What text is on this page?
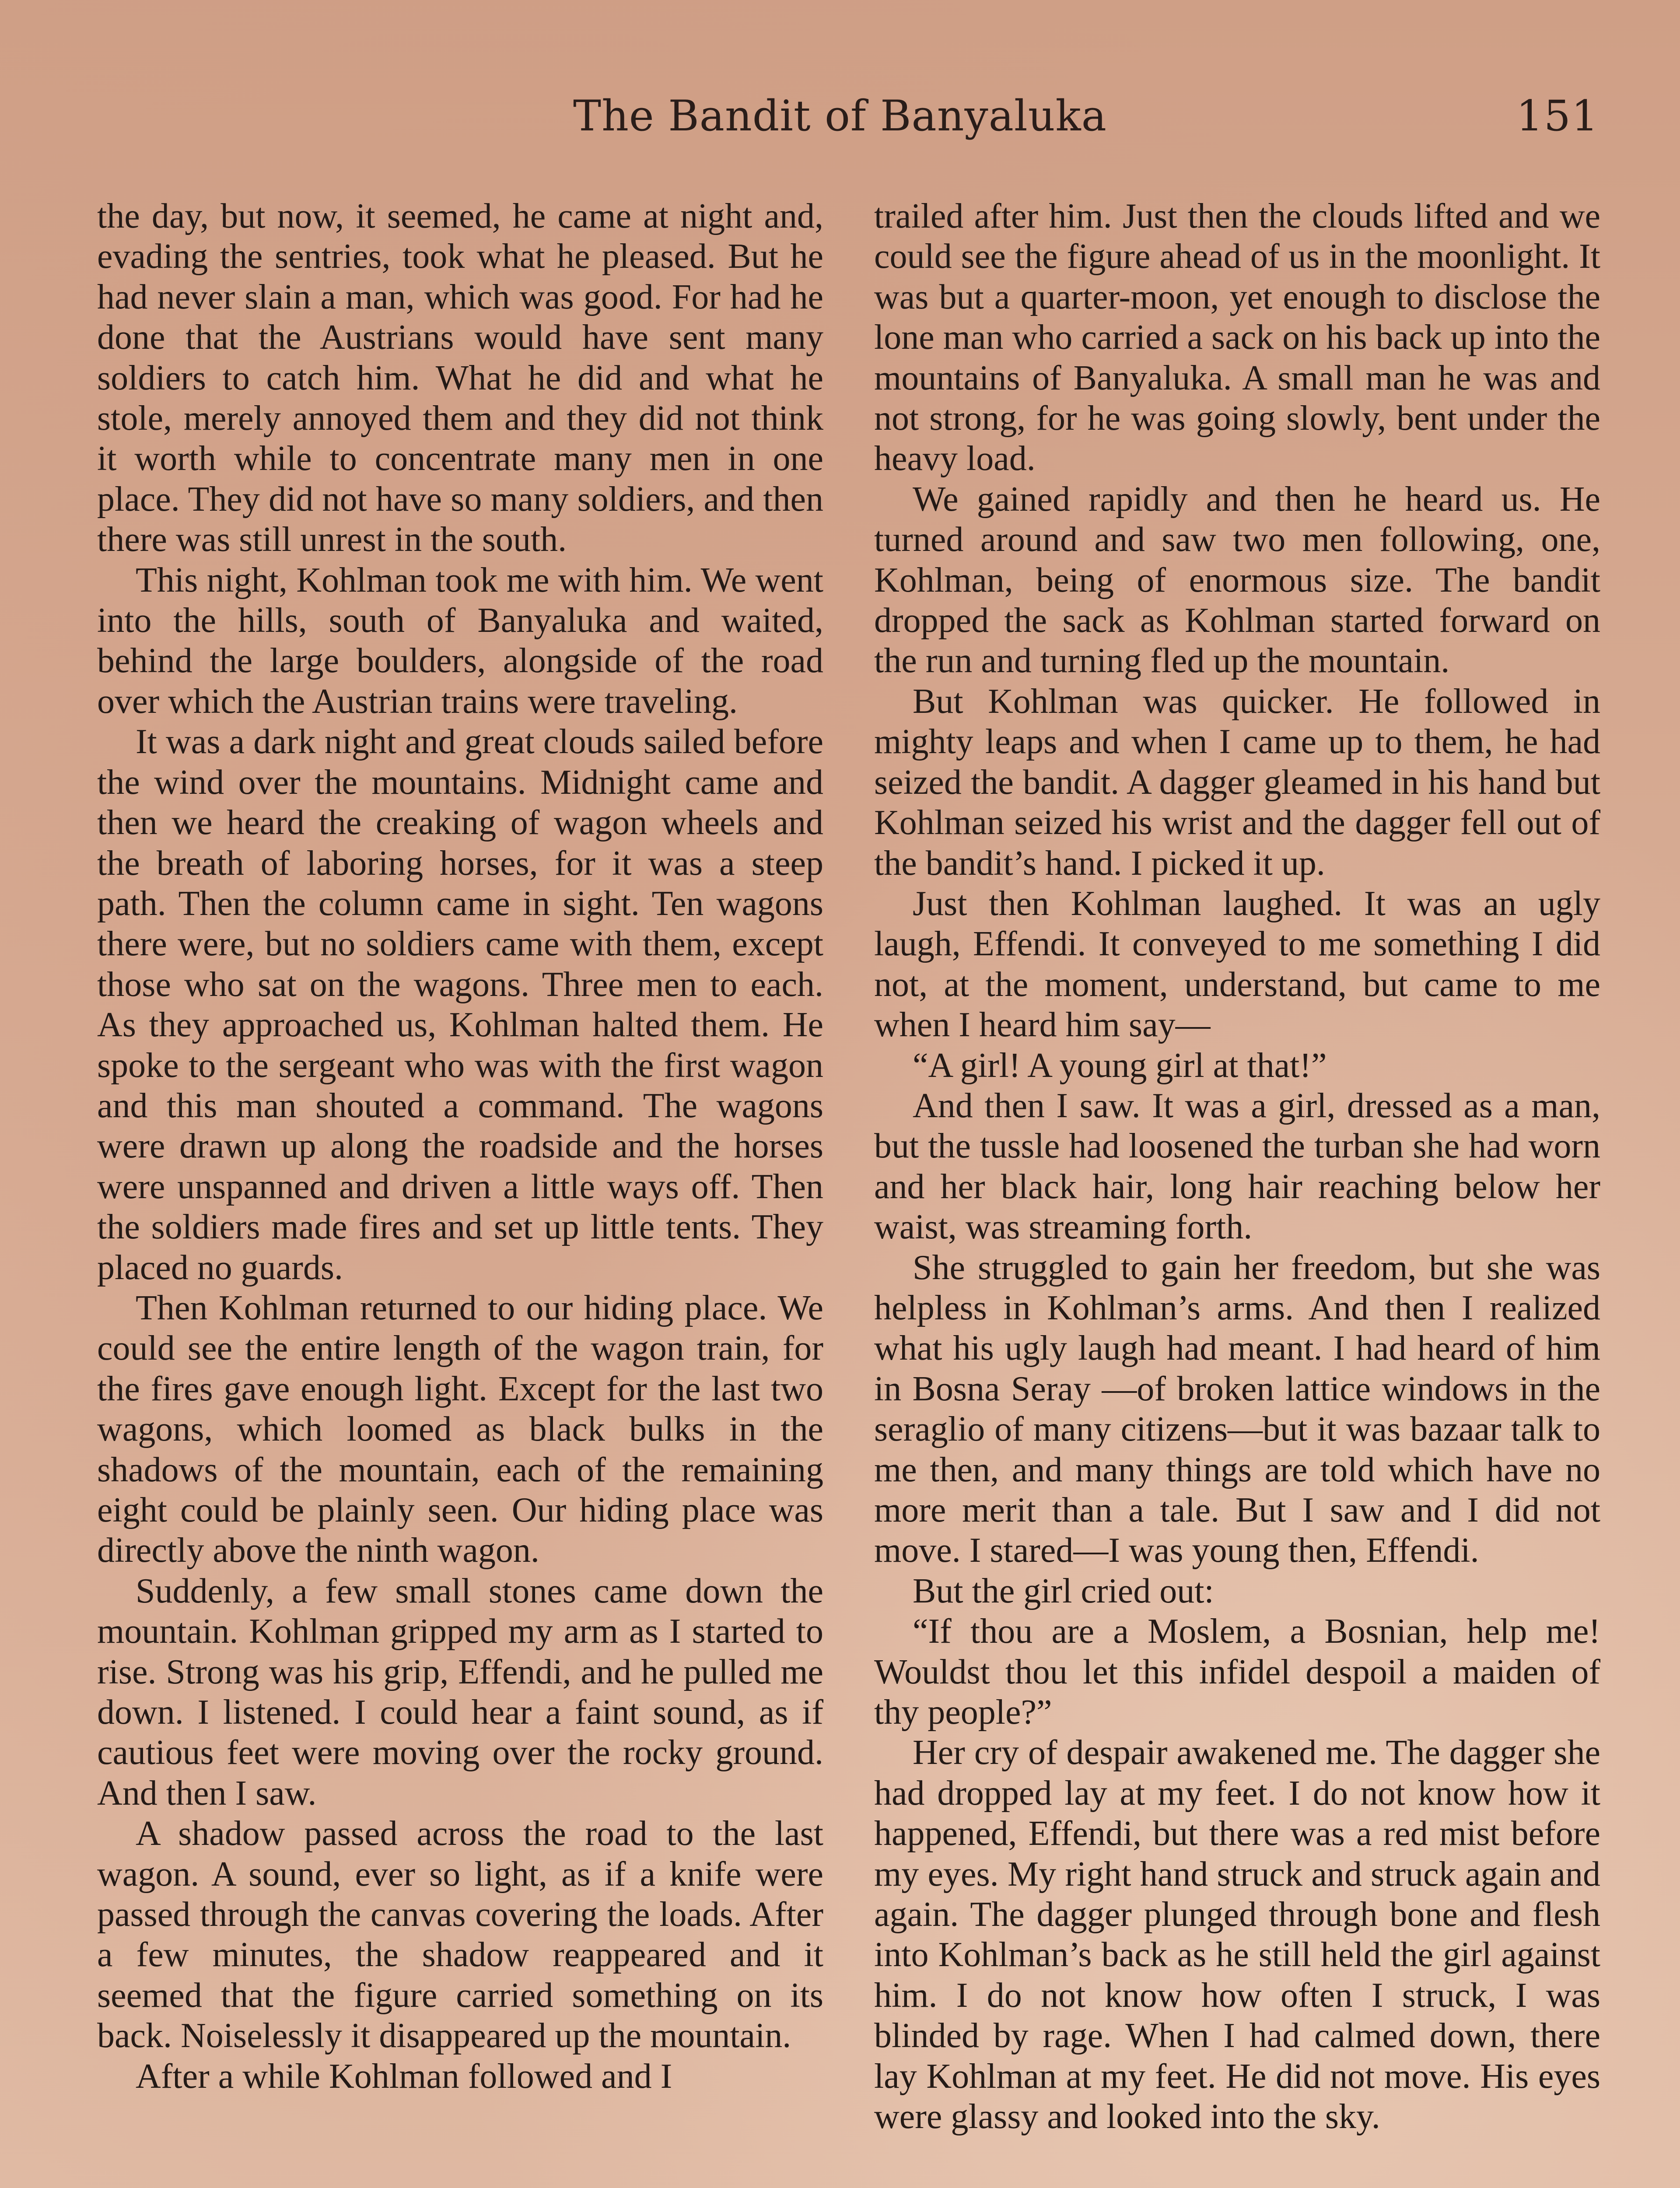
The Bandit of Banyaluka	151

the day, but now, it seemed, he came at night and, evading the sentries, took what he pleased. But he had never slain a man, which was good. For had he done that the Austrians would have sent many soldiers to catch him. What he did and what he stole, merely annoyed them and they did not think it worth while to concentrate many men in one place. They did not have so many soldiers, and then there was still unrest in the south.

This night, Kohlman took me with him. We went into the hills, south of Banyaluka and waited, behind the large boulders, alongside of the road over which the Austrian trains were traveling.

It was a dark night and great clouds sailed before the wind over the mountains. Midnight came and then we heard the creaking of wagon wheels and the breath of laboring horses, for it was a steep path. Then the column came in sight. Ten wagons there were, but no soldiers came with them, except those who sat on the wagons. Three men to each. As they approached us, Kohlman halted them. He spoke to the sergeant who was with the first wagon and this man shouted a command. The wagons were drawn up along the roadside and the horses were unspanned and driven a little ways off. Then the soldiers made fires and set up little tents. They placed no guards.

Then Kohlman returned to our hiding place. We could see the entire length of the wagon train, for the fires gave enough light. Except for the last two wagons, which loomed as black bulks in the shadows of the mountain, each of the remaining eight could be plainly seen. Our hiding place was directly above the ninth wagon.

Suddenly, a few small stones came down the mountain. Kohlman gripped my arm as I started to rise. Strong was his grip, Effendi, and he pulled me down. I listened. I could hear a faint sound, as if cautious feet were moving over the rocky ground. And then I saw.

A shadow passed across the road to the last wagon. A sound, ever so light, as if a knife were passed through the canvas covering the loads. After a few minutes, the shadow reappeared and it seemed that the figure carried something on its back. Noiselessly it disappeared up the mountain.

After a while Kohlman followed and I

trailed after him. Just then the clouds lifted and we could see the figure ahead of us in the moonlight. It was but a quarter-moon, yet enough to disclose the lone man who carried a sack on his back up into the mountains of Banyaluka. A small man he was and not strong, for he was going slowly, bent under the heavy load.

We gained rapidly and then he heard us. He turned around and saw two men following, one, Kohlman, being of enormous size. The bandit dropped the sack as Kohlman started forward on the run and turning fled up the mountain.

But Kohlman was quicker. He followed in mighty leaps and when I came up to them, he had seized the bandit. A dagger gleamed in his hand but Kohlman seized his wrist and the dagger fell out of the bandit’s hand. I picked it up.

Just then Kohlman laughed. It was an ugly laugh, Effendi. It conveyed to me something I did not, at the moment, understand, but came to me when I heard him say—

“A girl! A young girl at that!”

And then I saw. It was a girl, dressed as a man, but the tussle had loosened the turban she had worn and her black hair, long hair reaching below her waist, was streaming forth.

She struggled to gain her freedom, but she was helpless in Kohlman’s arms. And then I realized what his ugly laugh had meant. I had heard of him in Bosna Seray —of broken lattice windows in the seraglio of many citizens—but it was bazaar talk to me then, and many things are told which have no more merit than a tale. But I saw and I did not move. I stared—I was young then, Effendi.

But the girl cried out:

“If thou are a Moslem, a Bosnian, help me! Wouldst thou let this infidel despoil a maiden of thy people?”

Her cry of despair awakened me. The dagger she had dropped lay at my feet. I do not know how it happened, Effendi, but there was a red mist before my eyes. My right hand struck and struck again and again. The dagger plunged through bone and flesh into Kohlman’s back as he still held the girl against him. I do not know how often I struck, I was blinded by rage. When I had calmed down, there lay Kohlman at my feet. He did not move. His eyes were glassy and looked into the sky.
